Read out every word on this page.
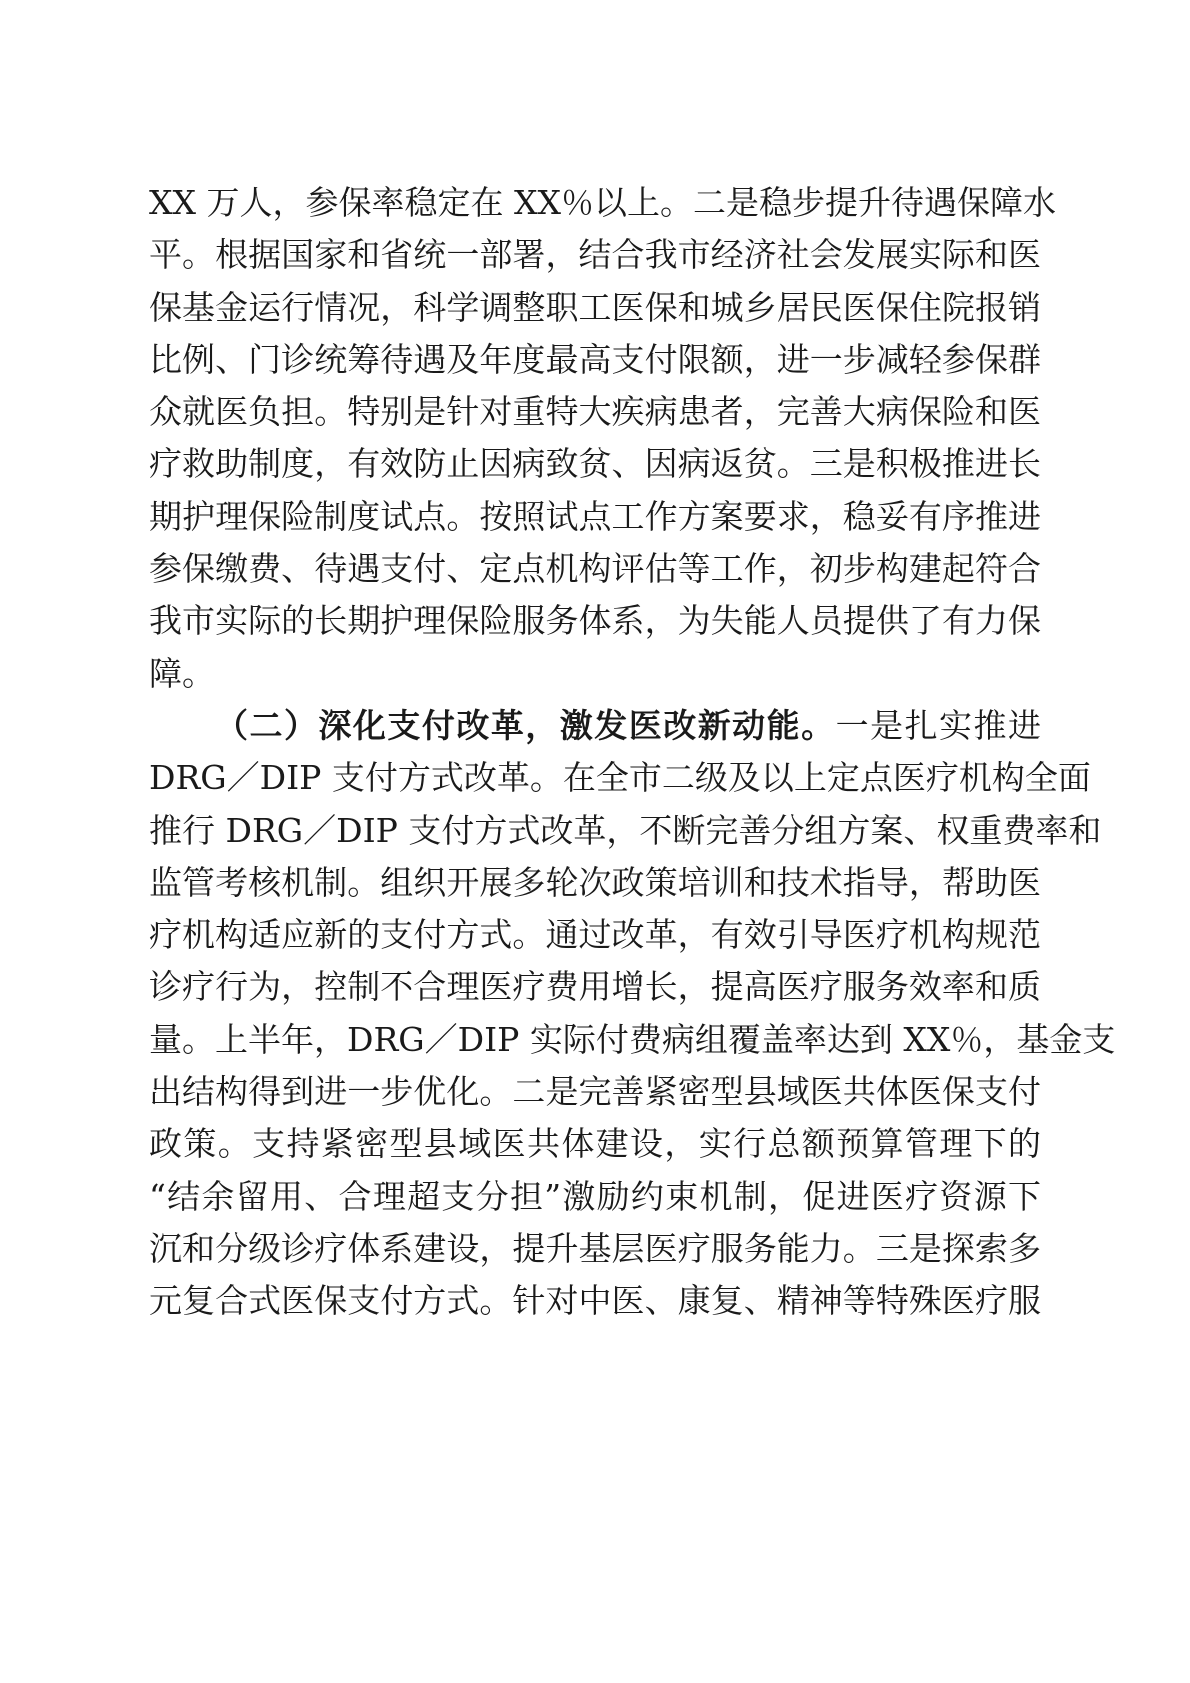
XX 万人，参保率稳定在 XX％以上。二是稳步提升待遇保障水
平。根据国家和省统一部署，结合我市经济社会发展实际和医
保基金运行情况，科学调整职工医保和城乡居民医保住院报销
比例、门诊统筹待遇及年度最高支付限额，进一步减轻参保群
众就医负担。特别是针对重特大疾病患者，完善大病保险和医
疗救助制度，有效防止因病致贫、因病返贫。三是积极推进长
期护理保险制度试点。按照试点工作方案要求，稳妥有序推进
参保缴费、待遇支付、定点机构评估等工作，初步构建起符合
我市实际的长期护理保险服务体系，为失能人员提供了有力保
障。
（二）深化支付改革，激发医改新动能。一是扎实推进
DRG／DIP 支付方式改革。在全市二级及以上定点医疗机构全面
推行 DRG／DIP 支付方式改革，不断完善分组方案、权重费率和
监管考核机制。组织开展多轮次政策培训和技术指导，帮助医
疗机构适应新的支付方式。通过改革，有效引导医疗机构规范
诊疗行为，控制不合理医疗费用增长，提高医疗服务效率和质
量。上半年，DRG／DIP 实际付费病组覆盖率达到 XX％，基金支
出结构得到进一步优化。二是完善紧密型县域医共体医保支付
政策。支持紧密型县域医共体建设，实行总额预算管理下的
“结余留用、合理超支分担”激励约束机制，促进医疗资源下
沉和分级诊疗体系建设，提升基层医疗服务能力。三是探索多
元复合式医保支付方式。针对中医、康复、精神等特殊医疗服
